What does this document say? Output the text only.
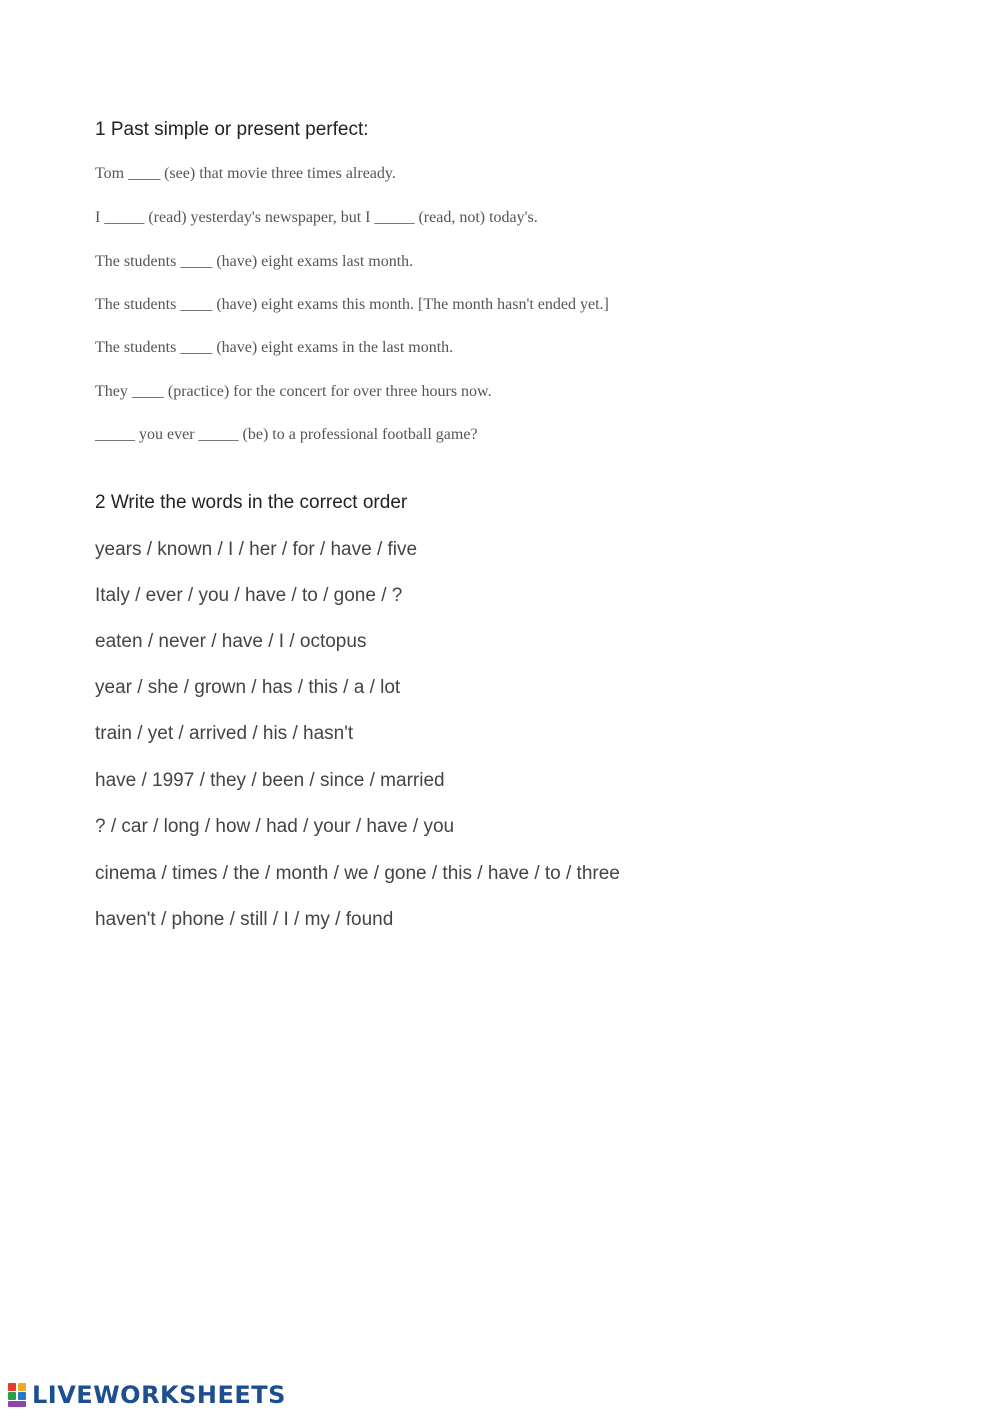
1 Past simple or present perfect:
Tom ____ (see) that movie three times already.
I _____ (read) yesterday's newspaper, but I _____ (read, not) today's.
The students ____ (have) eight exams last month.
The students ____ (have) eight exams this month. [The month hasn't ended yet.]
The students ____ (have) eight exams in the last month.
They ____ (practice) for the concert for over three hours now.
_____ you ever _____ (be) to a professional football game?
2 Write the words in the correct order
years / known / I / her / for / have / five
Italy / ever / you / have / to / gone / ?
eaten / never / have / I / octopus
year / she / grown / has / this / a / lot
train / yet / arrived / his / hasn't
have / 1997 / they / been / since / married
? / car / long / how / had / your / have / you
cinema / times / the / month / we / gone / this / have / to / three
haven't / phone / still / I / my / found
LIVEWORKSHEETS
